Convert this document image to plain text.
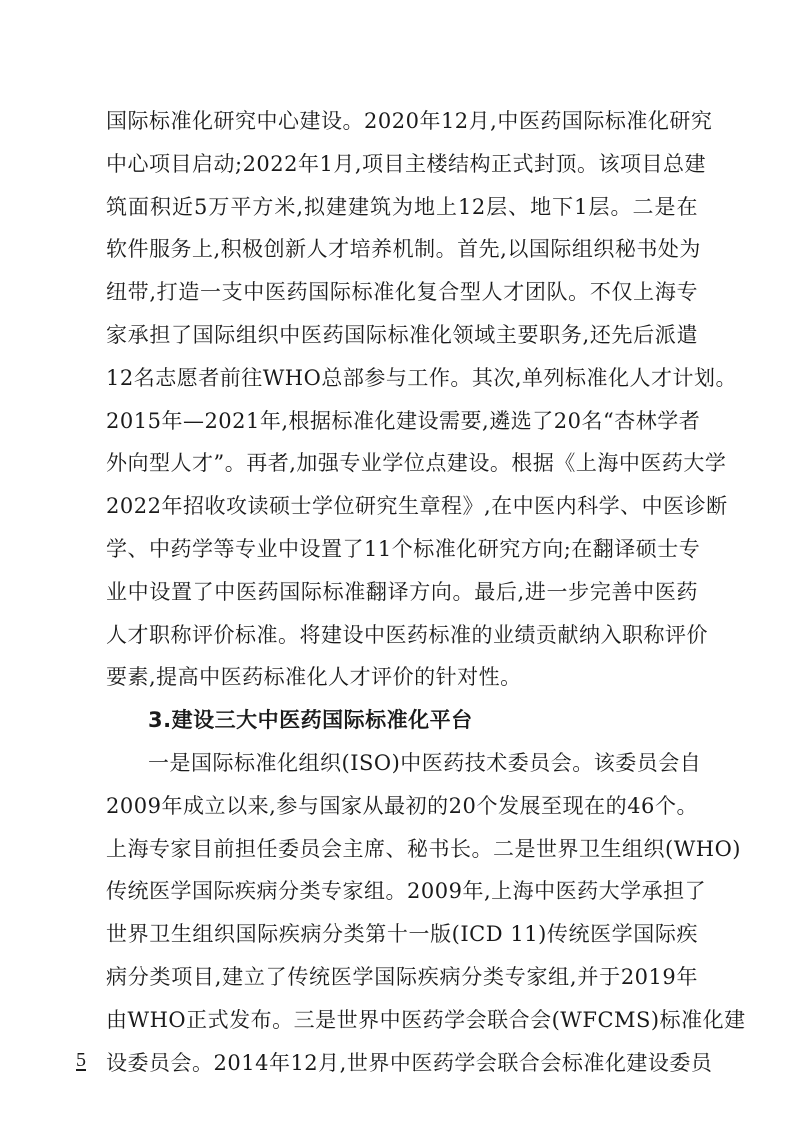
国际标准化研究中心建设。2020年12月,中医药国际标准化研究
中心项目启动;2022年1月,项目主楼结构正式封顶。该项目总建
筑面积近5万平方米,拟建建筑为地上12层、地下1层。二是在
软件服务上,积极创新人才培养机制。首先,以国际组织秘书处为
纽带,打造一支中医药国际标准化复合型人才团队。不仅上海专
家承担了国际组织中医药国际标准化领域主要职务,还先后派遣
12名志愿者前往WHO总部参与工作。其次,单列标准化人才计划。
2015年—2021年,根据标准化建设需要,遴选了20名“杏林学者
外向型人才”。再者,加强专业学位点建设。根据《上海中医药大学
2022年招收攻读硕士学位研究生章程》,在中医内科学、中医诊断
学、中药学等专业中设置了11个标准化研究方向;在翻译硕士专
业中设置了中医药国际标准翻译方向。最后,进一步完善中医药
人才职称评价标准。将建设中医药标准的业绩贡献纳入职称评价
要素,提高中医药标准化人才评价的针对性。
3.建设三大中医药国际标准化平台
一是国际标准化组织(ISO)中医药技术委员会。该委员会自
2009年成立以来,参与国家从最初的20个发展至现在的46个。
上海专家目前担任委员会主席、秘书长。二是世界卫生组织(WHO)
传统医学国际疾病分类专家组。2009年,上海中医药大学承担了
世界卫生组织国际疾病分类第十一版(ICD 11)传统医学国际疾
病分类项目,建立了传统医学国际疾病分类专家组,并于2019年
由WHO正式发布。三是世界中医药学会联合会(WFCMS)标准化建
设委员会。2014年12月,世界中医药学会联合会标准化建设委员
5
